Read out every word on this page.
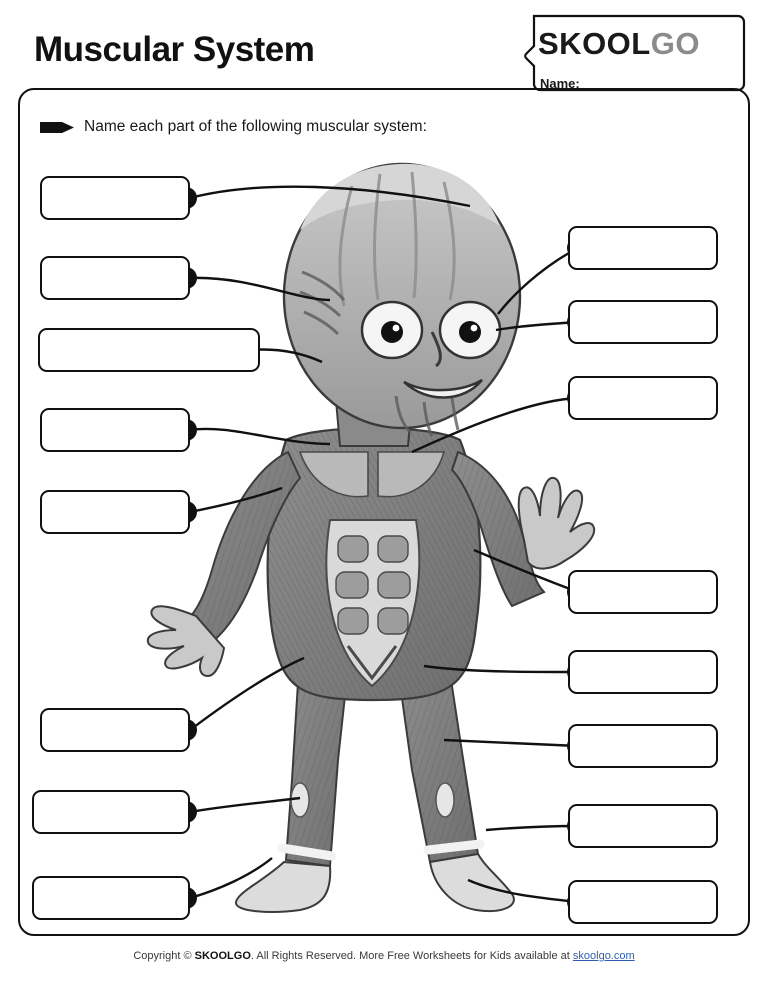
Muscular System	SKOOLGO
Name:
Name each part of the following muscular system:
Copyright © SKOOLGO. All Rights Reserved. More Free Worksheets for Kids available at skoolgo.com
